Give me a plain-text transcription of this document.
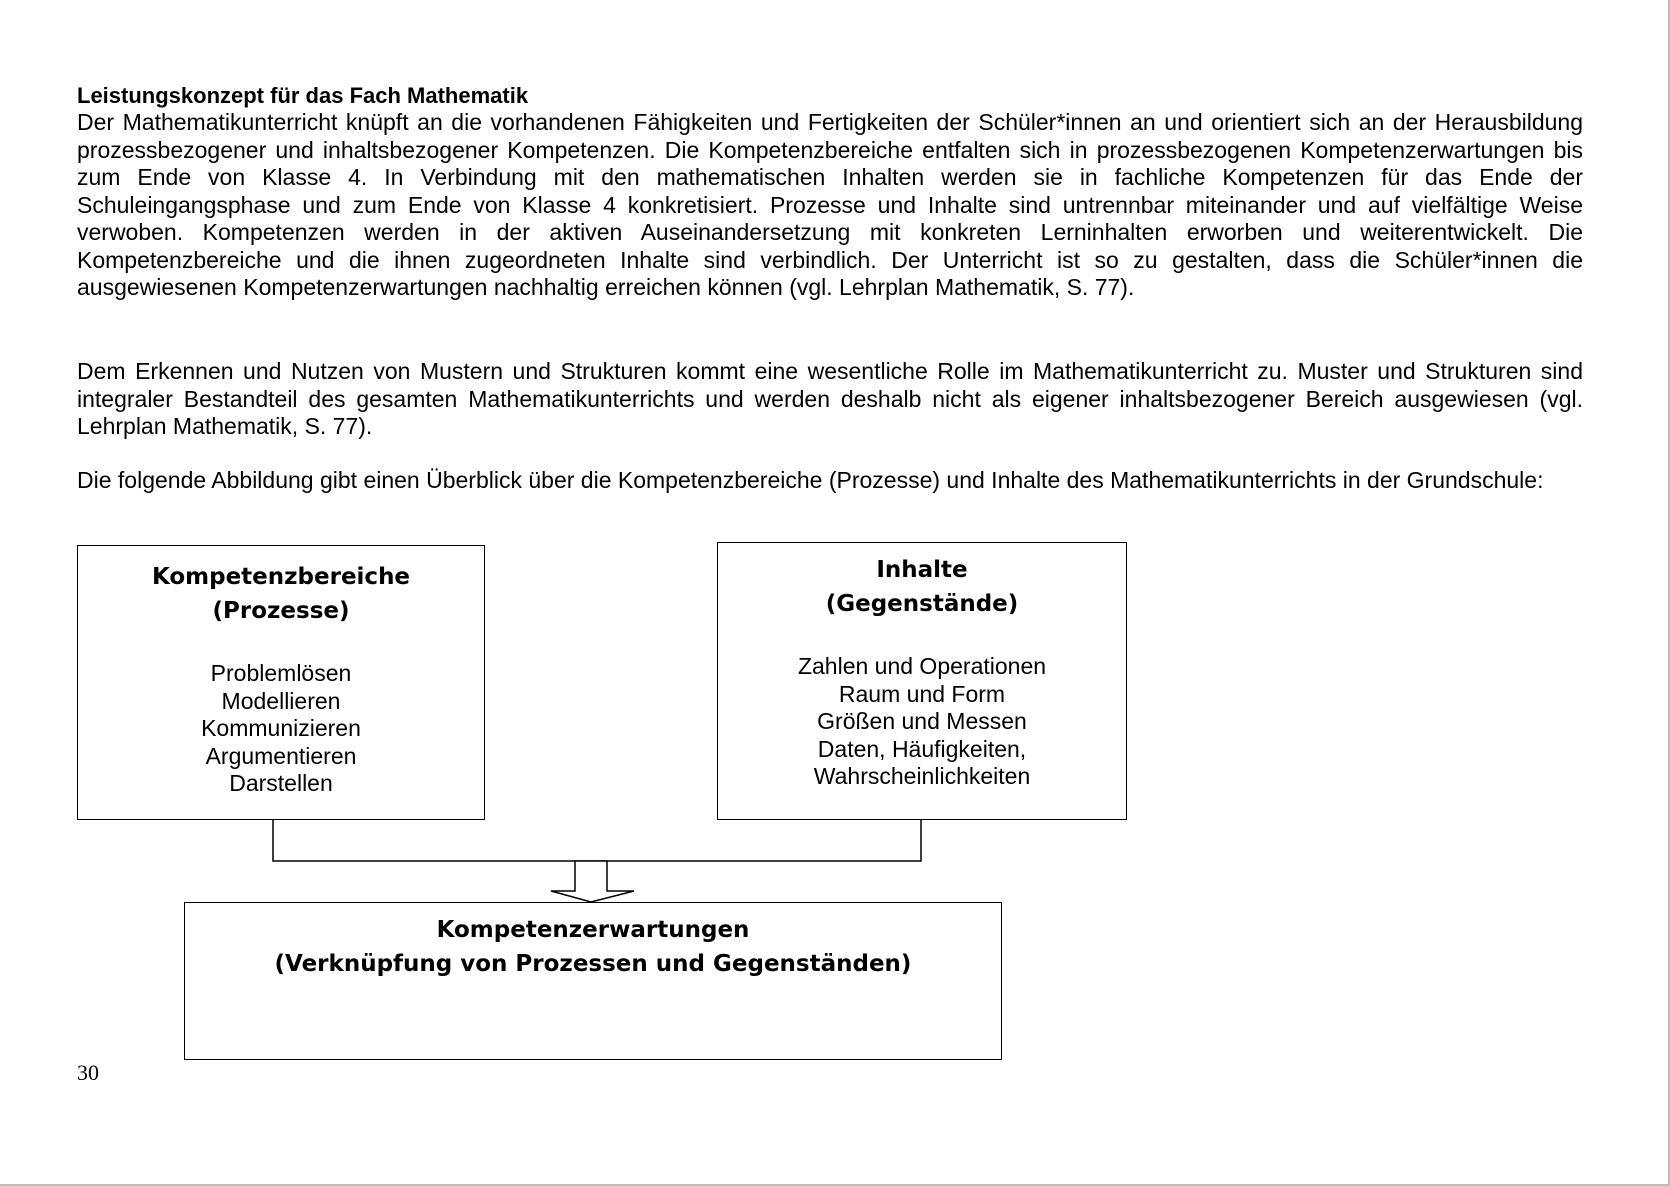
Leistungskonzept für das Fach Mathematik
Der Mathematikunterricht knüpft an die vorhandenen Fähigkeiten und Fertigkeiten der Schüler*innen an und orientiert sich an der Herausbildung prozessbezogener und inhaltsbezogener Kompetenzen. Die Kompetenzbereiche entfalten sich in prozessbezogenen Kompetenzerwartungen bis zum Ende von Klasse 4. In Verbindung mit den mathematischen Inhalten werden sie in fachliche Kompetenzen für das Ende der Schuleingangsphase und zum Ende von Klasse 4 konkretisiert. Prozesse und Inhalte sind untrennbar miteinander und auf vielfältige Weise verwoben. Kompetenzen werden in der aktiven Auseinandersetzung mit konkreten Lerninhalten erworben und weiterentwickelt. Die Kompetenzbereiche und die ihnen zugeordneten Inhalte sind verbindlich. Der Unterricht ist so zu gestalten, dass die Schüler*innen die ausgewiesenen Kompetenzerwartungen nachhaltig erreichen können (vgl. Lehrplan Mathematik, S. 77).
Dem Erkennen und Nutzen von Mustern und Strukturen kommt eine wesentliche Rolle im Mathematikunterricht zu. Muster und Strukturen sind integraler Bestandteil des gesamten Mathematikunterrichts und werden deshalb nicht als eigener inhaltsbezogener Bereich ausgewiesen (vgl. Lehrplan Mathematik, S. 77).
Die folgende Abbildung gibt einen Überblick über die Kompetenzbereiche (Prozesse) und Inhalte des Mathematikunterrichts in der Grundschule:
Kompetenzbereiche
(Prozesse)
Problemlösen
Modellieren
Kommunizieren
Argumentieren
Darstellen
Inhalte
(Gegenstände)
Zahlen und Operationen
Raum und Form
Größen und Messen
Daten, Häufigkeiten,
Wahrscheinlichkeiten
Kompetenzerwartungen
(Verknüpfung von Prozessen und Gegenständen)
30
